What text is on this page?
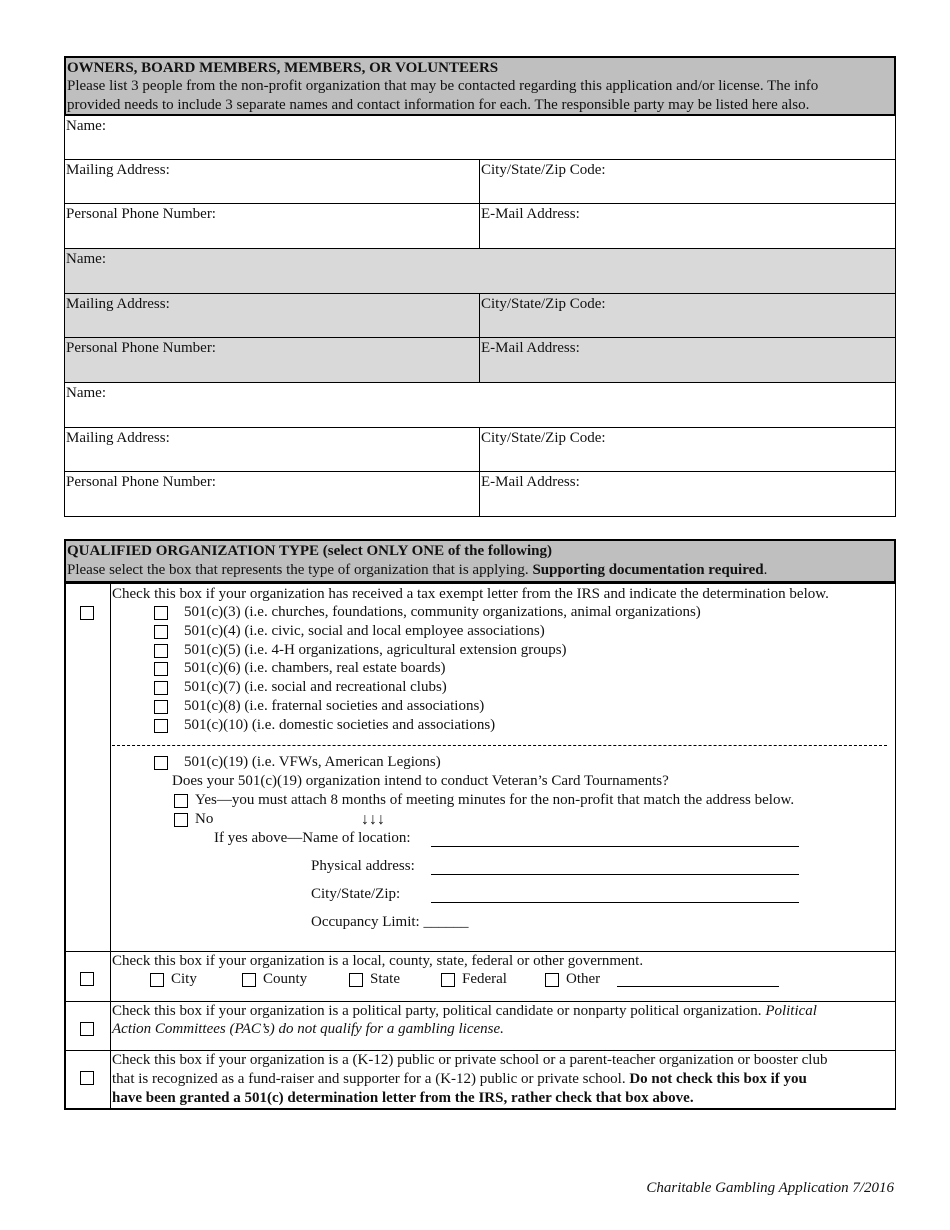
OWNERS, BOARD MEMBERS, MEMBERS, OR VOLUNTEERS
Please list 3 people from the non-profit organization that may be contacted regarding this application and/or license. The info
provided needs to include 3 separate names and contact information for each. The responsible party may be listed here also.
Name:
Mailing Address:	City/State/Zip Code:
Personal Phone Number:	E-Mail Address:
Name:
Mailing Address:	City/State/Zip Code:
Personal Phone Number:	E-Mail Address:
Name:
Mailing Address:	City/State/Zip Code:
Personal Phone Number:	E-Mail Address:
QUALIFIED ORGANIZATION TYPE (select ONLY ONE of the following)
Please select the box that represents the type of organization that is applying. Supporting documentation required.
Check this box if your organization has received a tax exempt letter from the IRS and indicate the determination below.
501(c)(3) (i.e. churches, foundations, community organizations, animal organizations)
501(c)(4) (i.e. civic, social and local employee associations)
501(c)(5) (i.e. 4-H organizations, agricultural extension groups)
501(c)(6) (i.e. chambers, real estate boards)
501(c)(7) (i.e. social and recreational clubs)
501(c)(8) (i.e. fraternal societies and associations)
501(c)(10) (i.e. domestic societies and associations)
501(c)(19) (i.e. VFWs, American Legions)
Does your 501(c)(19) organization intend to conduct Veteran’s Card Tournaments?
Yes—you must attach 8 months of meeting minutes for the non-profit that match the address below.
No	↓↓↓
If yes above—Name of location:
Physical address:
City/State/Zip:
Occupancy Limit: ______
Check this box if your organization is a local, county, state, federal or other government.
City	County	State	Federal	Other
Check this box if your organization is a political party, political candidate or nonparty political organization. Political
Action Committees (PAC’s) do not qualify for a gambling license.
Check this box if your organization is a (K-12) public or private school or a parent-teacher organization or booster club
that is recognized as a fund-raiser and supporter for a (K-12) public or private school. Do not check this box if you
have been granted a 501(c) determination letter from the IRS, rather check that box above.
Charitable Gambling Application 7/2016
